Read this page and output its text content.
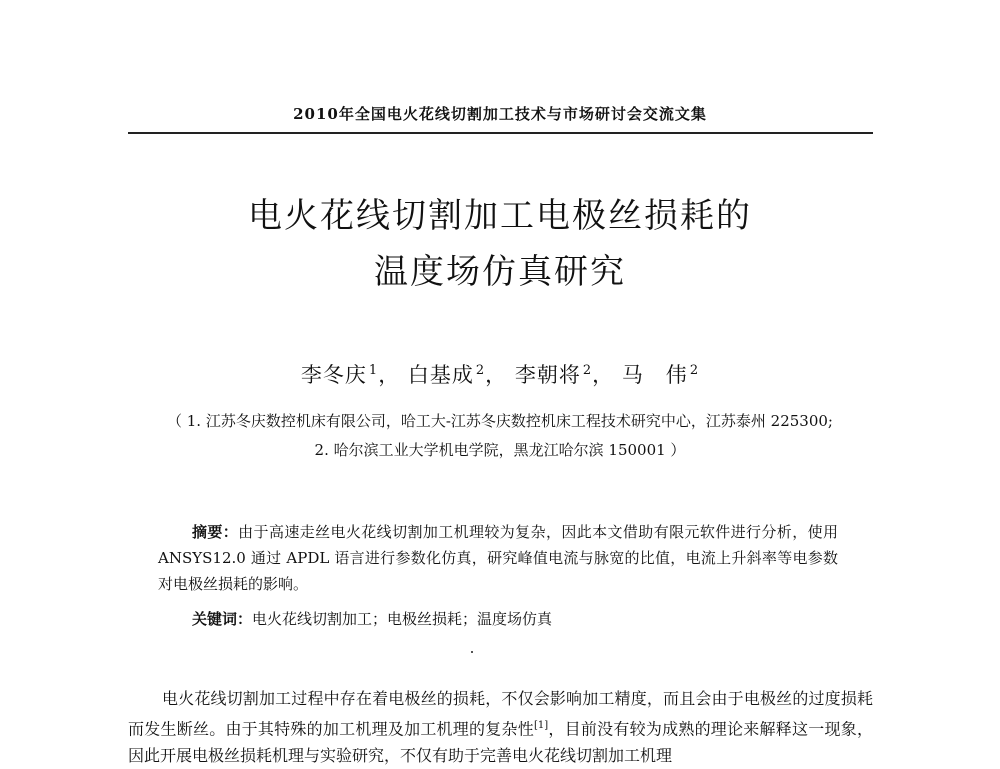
2010年全国电火花线切割加工技术与市场研讨会交流文集
电火花线切割加工电极丝损耗的
温度场仿真研究
李冬庆 $^1$， 白基成 $^2$， 李朝将 $^2$， 马　伟 $^2$
（ 1. 江苏冬庆数控机床有限公司，哈工大-江苏冬庆数控机床工程技术研究中心，江苏泰州 225300;
2. 哈尔滨工业大学机电学院，黑龙江哈尔滨 150001 ）
摘要：由于高速走丝电火花线切割加工机理较为复杂，因此本文借助有限元软件进行分析，使用 ANSYS12.0 通过 APDL 语言进行参数化仿真，研究峰值电流与脉宽的比值，电流上升斜率等电参数对电极丝损耗的影响。
关键词：电火花线切割加工；电极丝损耗；温度场仿真
电火花线切割加工过程中存在着电极丝的损耗，不仅会影响加工精度，而且会由于电极丝的过度损耗而发生断丝。由于其特殊的加工机理及加工机理的复杂性[1]，目前没有较为成熟的理论来解释这一现象，因此开展电极丝损耗机理与实验研究，不仅有助于完善电火花线切割加工机理
